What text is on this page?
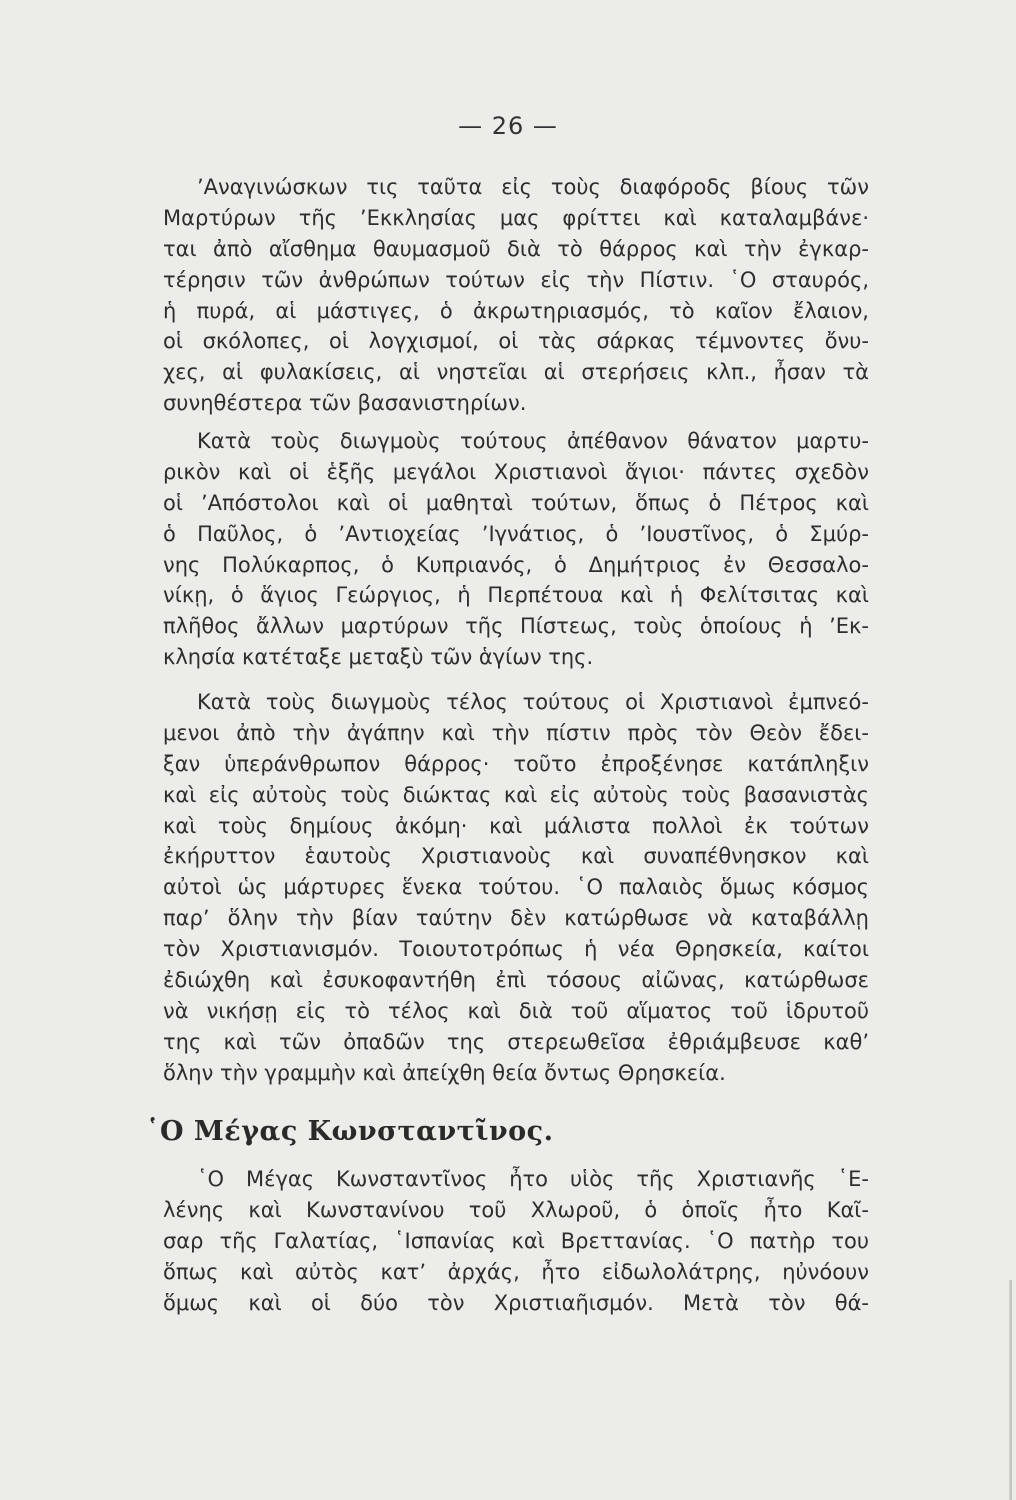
— 26 —
ʼΑναγινώσκων τις ταῦτα εἰς τοὺς διαφόροδς βίους τῶν
Μαρτύρων τῆς ʼΕκκλησίας μας φρίττει καὶ καταλαμβάνε·
ται ἀπὸ αἴσθημα θαυμασμοῦ διὰ τὸ θάρρος καὶ τὴν ἐγκαρ-
τέρησιν τῶν ἀνθρώπων τούτων εἰς τὴν Πίστιν. ῾Ο σταυρός,
ἡ πυρά, αἱ μάστιγες, ὁ ἀκρωτηριασμός, τὸ καῖον ἔλαιον,
οἱ σκόλοπες, οἱ λογχισμοί, οἱ τὰς σάρκας τέμνοντες ὄνυ-
χες, αἱ φυλακίσεις, αἱ νηστεῖαι αἱ στερήσεις κλπ., ἦσαν τὰ
συνηθέστερα τῶν βασανιστηρίων.
Κατὰ τοὺς διωγμοὺς τούτους ἀπέθανον θάνατον μαρτυ-
ρικὸν καὶ οἱ ἑξῆς μεγάλοι Χριστιανοὶ ἅγιοι· πάντες σχεδὸν
οἱ ʼΑπόστολοι καὶ οἱ μαθηταὶ τούτων, ὅπως ὁ Πέτρος καὶ
ὁ Παῦλος, ὁ ʼΑντιοχείας ʼΙγνάτιος, ὁ ʼΙουστῖνος, ὁ Σμύρ-
νης Πολύκαρπος, ὁ Κυπριανός, ὁ Δημήτριος ἐν Θεσσαλο-
νίκῃ, ὁ ἅγιος Γεώργιος, ἡ Περπέτουα καὶ ἡ Φελίτσιτας καὶ
πλῆθος ἄλλων μαρτύρων τῆς Πίστεως, τοὺς ὁποίους ἡ ʼΕκ-
κλησία κατέταξε μεταξὺ τῶν ἁγίων της.
Κατὰ τοὺς διωγμοὺς τέλος τούτους οἱ Χριστιανοὶ ἐμπνεό-
μενοι ἀπὸ τὴν ἀγάπην καὶ τὴν πίστιν πρὸς τὸν Θεὸν ἔδει-
ξαν ὑπεράνθρωπον θάρρος· τοῦτο ἐπροξένησε κατάπληξιν
καὶ εἰς αὐτοὺς τοὺς διώκτας καὶ εἰς αὐτοὺς τοὺς βασανιστὰς
καὶ τοὺς δημίους ἀκόμη· καὶ μάλιστα πολλοὶ ἐκ τούτων
ἐκήρυττον ἑαυτοὺς Χριστιανοὺς καὶ συναπέθνησκον καὶ
αὐτοὶ ὡς μάρτυρες ἕνεκα τούτου. ῾Ο παλαιὸς ὅμως κόσμος
παρʼ ὅλην τὴν βίαν ταύτην δὲν κατώρθωσε νὰ καταβάλλῃ
τὸν Χριστιανισμόν. Τοιουτοτρόπως ἡ νέα Θρησκεία, καίτοι
ἐδιώχθη καὶ ἐσυκοφαντήθη ἐπὶ τόσους αἰῶνας, κατώρθωσε
νὰ νικήσῃ εἰς τὸ τέλος καὶ διὰ τοῦ αἵματος τοῦ ἱδρυτοῦ
της καὶ τῶν ὀπαδῶν της στερεωθεῖσα ἐθριάμβευσε καθʼ
ὅλην τὴν γραμμὴν καὶ ἀπείχθη θεία ὄντως Θρησκεία.
῾Ο Μέγας Κωνσταντῖνος.
῾Ο Μέγας Κωνσταντῖνος ἦτο υἱὸς τῆς Χριστιανῆς ῾Ε-
λένης καὶ Κωνστανίνου τοῦ Χλωροῦ, ὁ ὁποῖς ἦτο Καῖ-
σαρ τῆς Γαλατίας, ῾Ισπανίας καὶ Βρεττανίας. ῾Ο πατὴρ του
ὅπως καὶ αὐτὸς κατʼ ἀρχάς, ἦτο εἰδωλολάτρης, ηὐνόουν
ὅμως καὶ οἱ δύο τὸν Χριστιαῆισμόν. Μετὰ τὸν θά-
